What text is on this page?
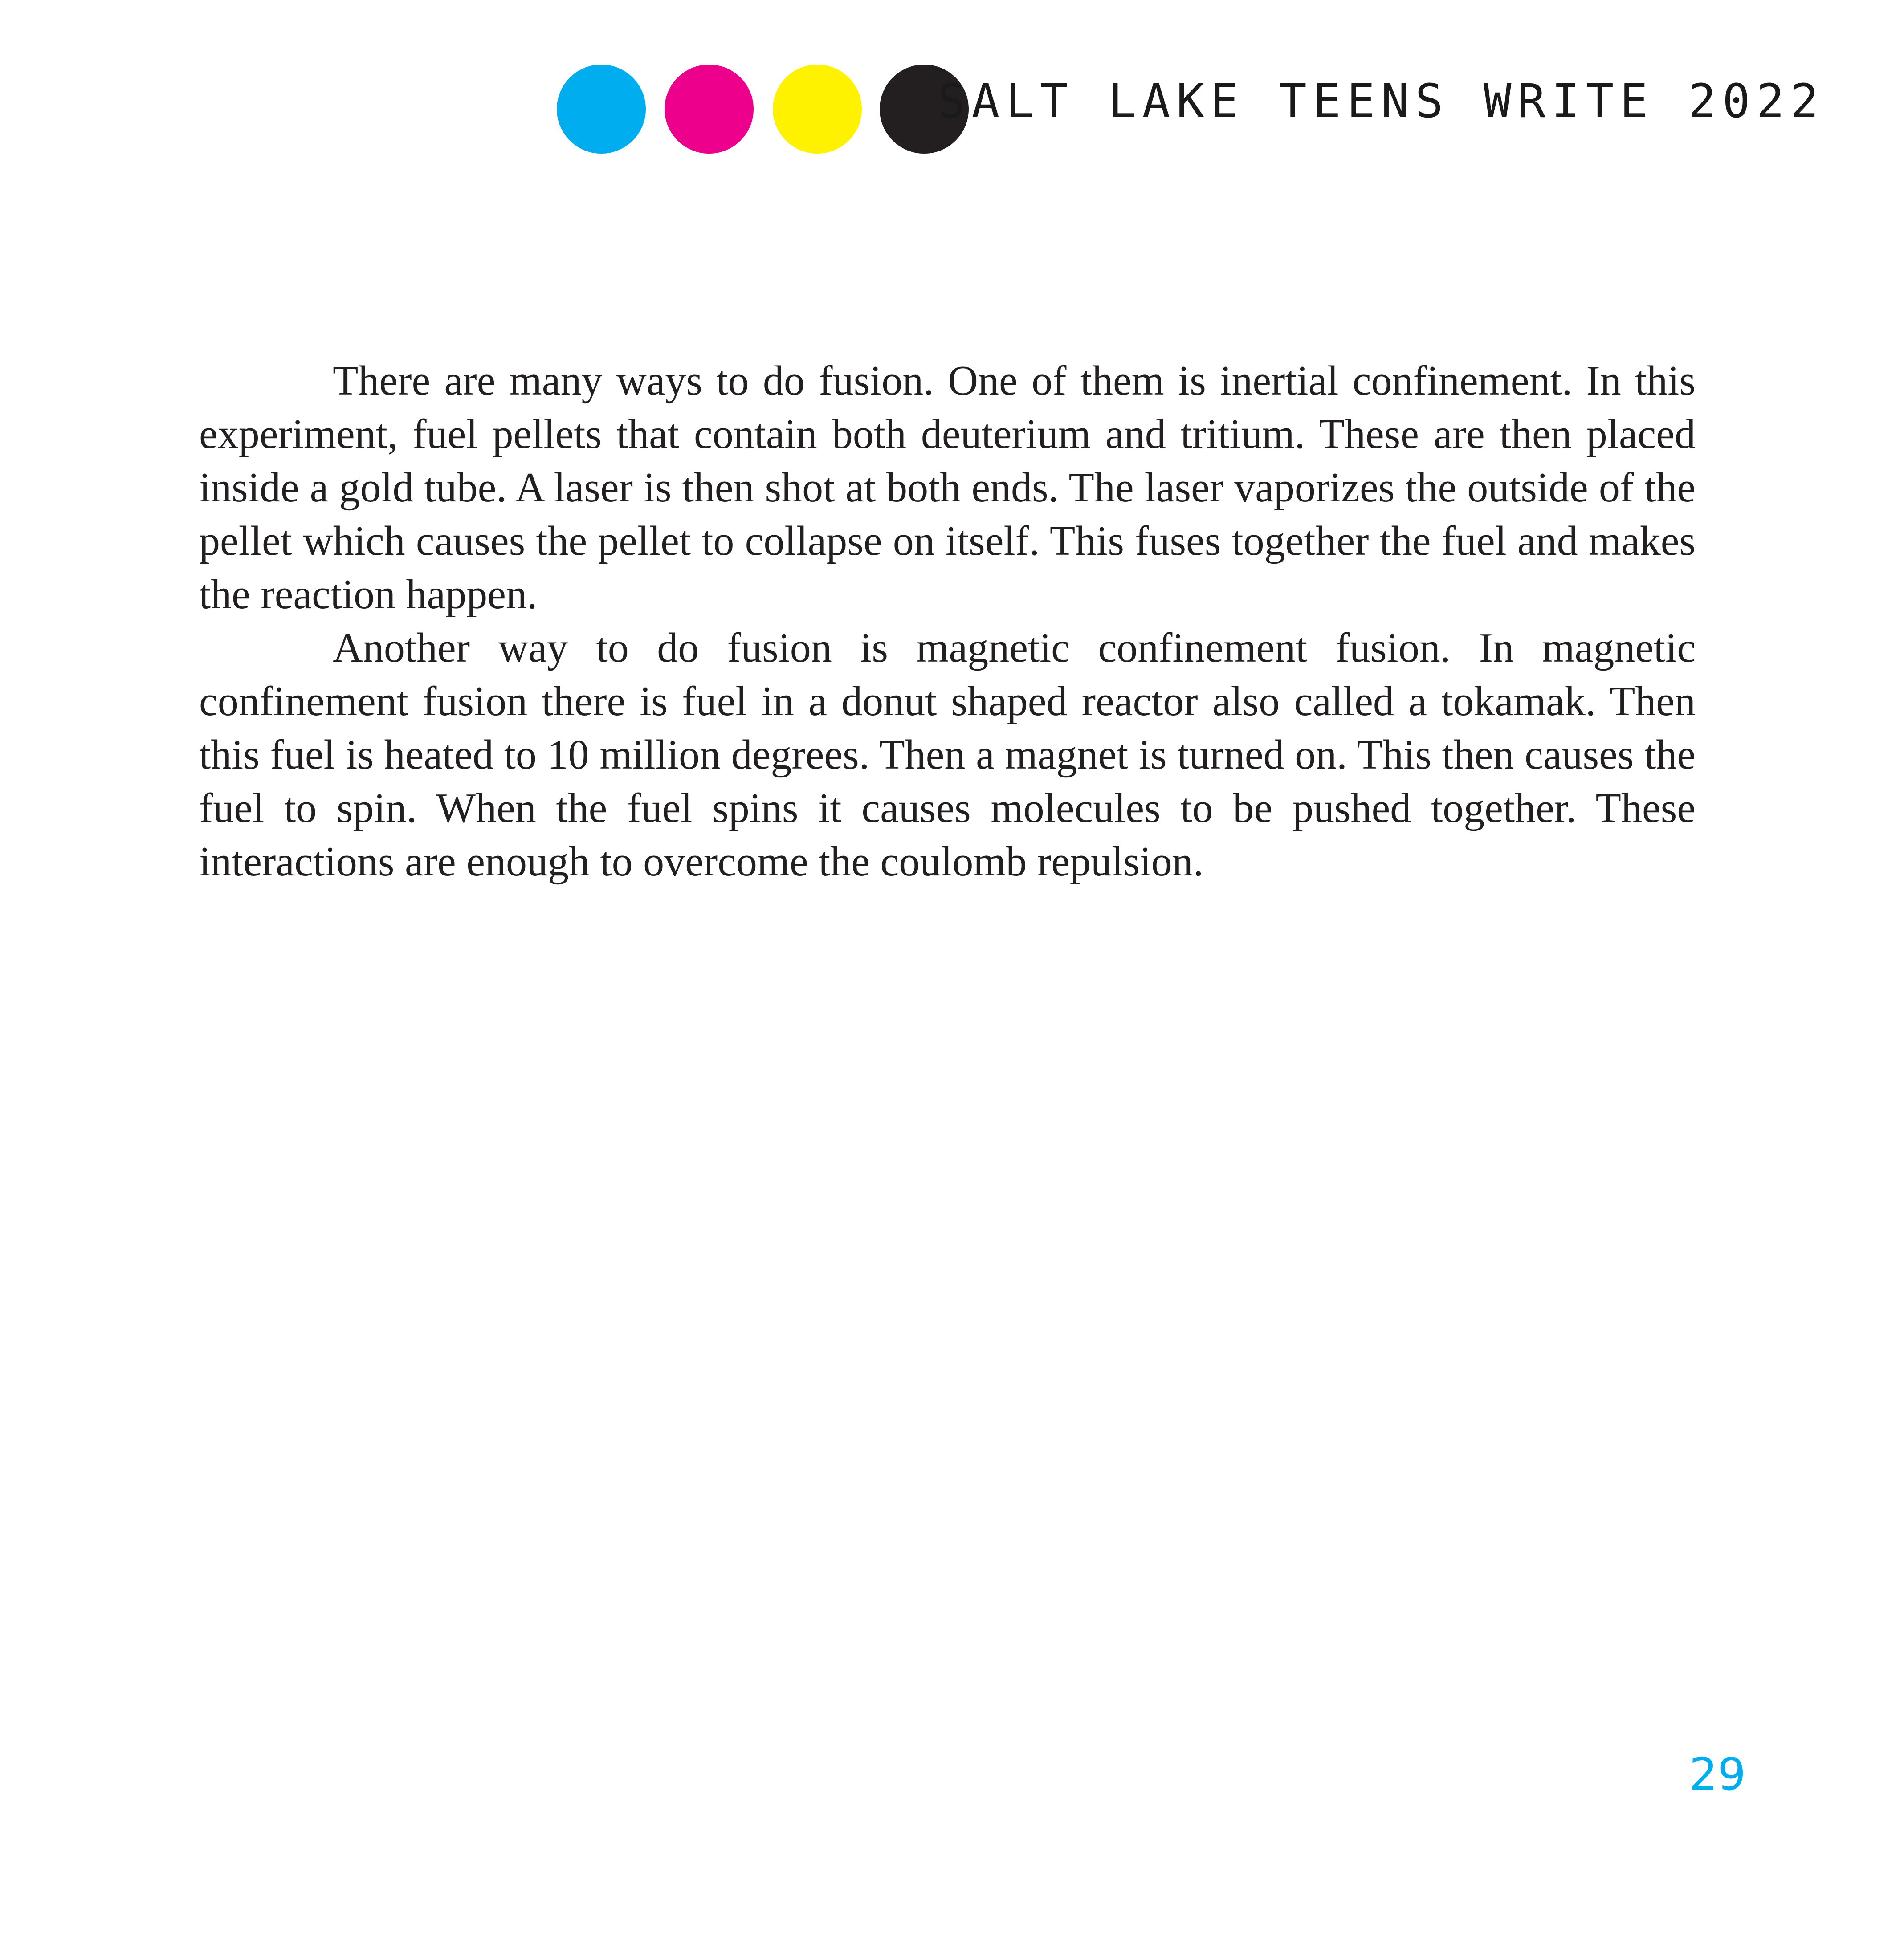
SALT LAKE TEENS WRITE 2022

There are many ways to do fusion. One of them is inertial confinement. In this experiment, fuel pellets that contain both deuterium and tritium. These are then placed inside a gold tube. A laser is then shot at both ends. The laser vaporizes the outside of the pellet which causes the pellet to collapse on itself. This fuses together the fuel and makes the reaction happen.

Another way to do fusion is magnetic confinement fusion. In magnetic confinement fusion there is fuel in a donut shaped reactor also called a tokamak. Then this fuel is heated to 10 million degrees. Then a magnet is turned on. This then causes the fuel to spin. When the fuel spins it causes molecules to be pushed together. These interactions are enough to overcome the coulomb repulsion.

29
